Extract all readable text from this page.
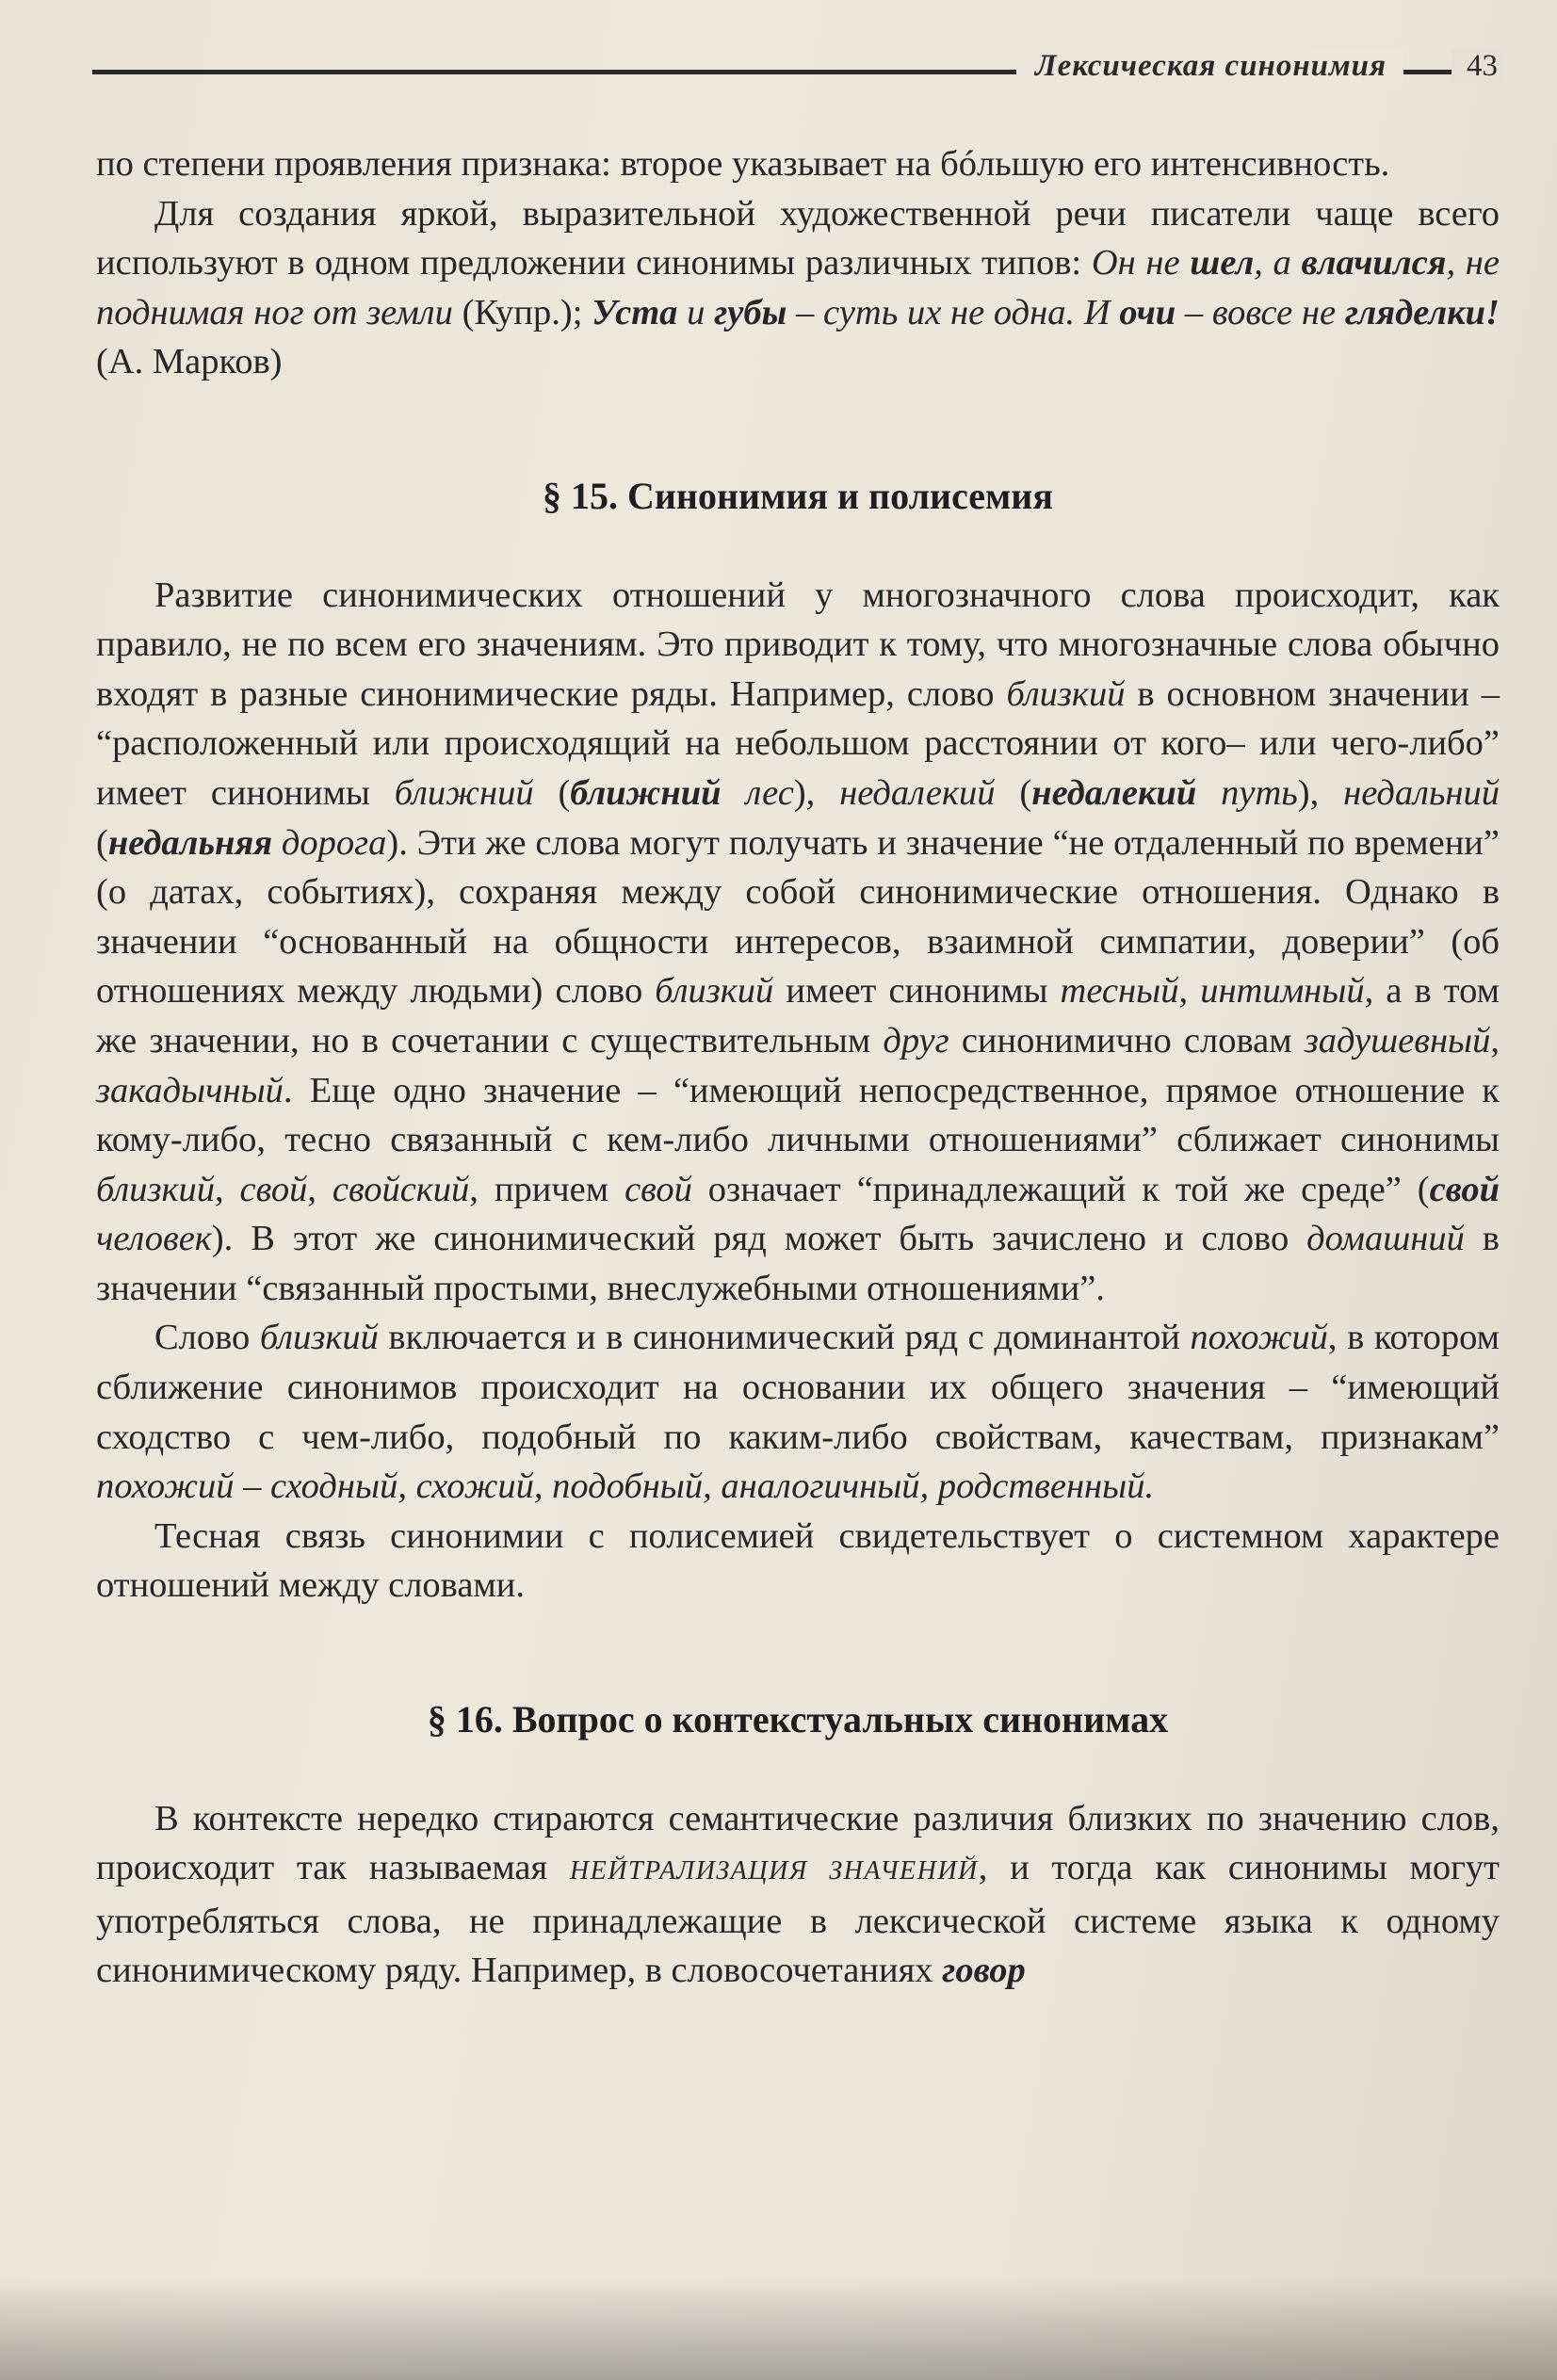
Лексическая синонимия	43

по степени проявления признака: второе указывает на бóльшую его интенсивность.

Для создания яркой, выразительной художественной речи писатели чаще всего используют в одном предложении синонимы различных типов: Он не шел, а влачился, не поднимая ног от земли (Купр.); Уста и губы – суть их не одна. И очи – вовсе не гляделки! (А. Марков)

§ 15. Синонимия и полисемия

Развитие синонимических отношений у многозначного слова происходит, как правило, не по всем его значениям. Это приводит к тому, что многозначные слова обычно входят в разные синонимические ряды. Например, слово близкий в основном значении – “расположенный или происходящий на небольшом расстоянии от кого– или чего-либо” имеет синонимы ближний (ближний лес), недалекий (недалекий путь), недальний (недальняя дорога). Эти же слова могут получать и значение “не отдаленный по времени” (о датах, событиях), сохраняя между собой синонимические отношения. Однако в значении “основанный на общности интересов, взаимной симпатии, доверии” (об отношениях между людьми) слово близкий имеет синонимы тесный, интимный, а в том же значении, но в сочетании с существительным друг синонимично словам задушевный, закадычный. Еще одно значение – “имеющий непосредственное, прямое отношение к кому-либо, тесно связанный с кем-либо личными отношениями” сближает синонимы близкий, свой, свойский, причем свой означает “принадлежащий к той же среде” (свой человек). В этот же синонимический ряд может быть зачислено и слово домашний в значении “связанный простыми, внеслужебными отношениями”.

Слово близкий включается и в синонимический ряд с доминантой похожий, в котором сближение синонимов происходит на основании их общего значения – “имеющий сходство с чем-либо, подобный по каким-либо свойствам, качествам, признакам” похожий – сходный, схожий, подобный, аналогичный, родственный.

Тесная связь синонимии с полисемией свидетельствует о системном характере отношений между словами.

§ 16. Вопрос о контекстуальных синонимах

В контексте нередко стираются семантические различия близких по значению слов, происходит так называемая НЕЙТРАЛИЗАЦИЯ ЗНАЧЕНИЙ, и тогда как синонимы могут употребляться слова, не принадлежащие в лексической системе языка к одному синонимическому ряду. Например, в словосочетаниях говор
